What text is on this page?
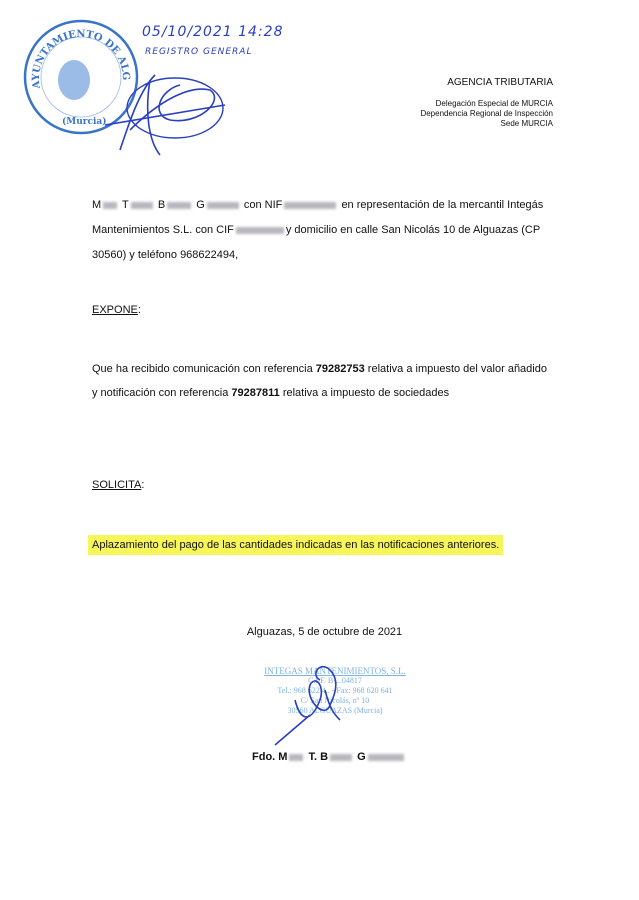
AYUNTAMIENTO DE ALG
(Murcia)
05/10/2021 14:28
REGISTRO GENERAL
AGENCIA TRIBUTARIA
Delegación Especial de MURCIA
Dependencia Regional de Inspección
Sede MURCIA
M T	B	G	con NIF	en representación de la mercantil Integás
Mantenimientos S.L. con CIF	y domicilio en calle San Nicolás 10 de Alguazas (CP
30560) y teléfono 968622494,
EXPONE:
Que ha recibido comunicación con referencia 79282753 relativa a impuesto del valor añadido
y notificación con referencia 79287811 relativa a impuesto de sociedades
SOLICITA:
Aplazamiento del pago de las cantidades indicadas en las notificaciones anteriores.
Alguazas, 5 de octubre de 2021
INTEGAS MANTENIMIENTOS, S.L.
C.I.F. B-...04817
Tel.: 968 622 4.. - Fax: 968 620 641
C/ San Nicolás, nº 10
30560 ALGUAZAS (Murcia)
Fdo. M T. B	G
